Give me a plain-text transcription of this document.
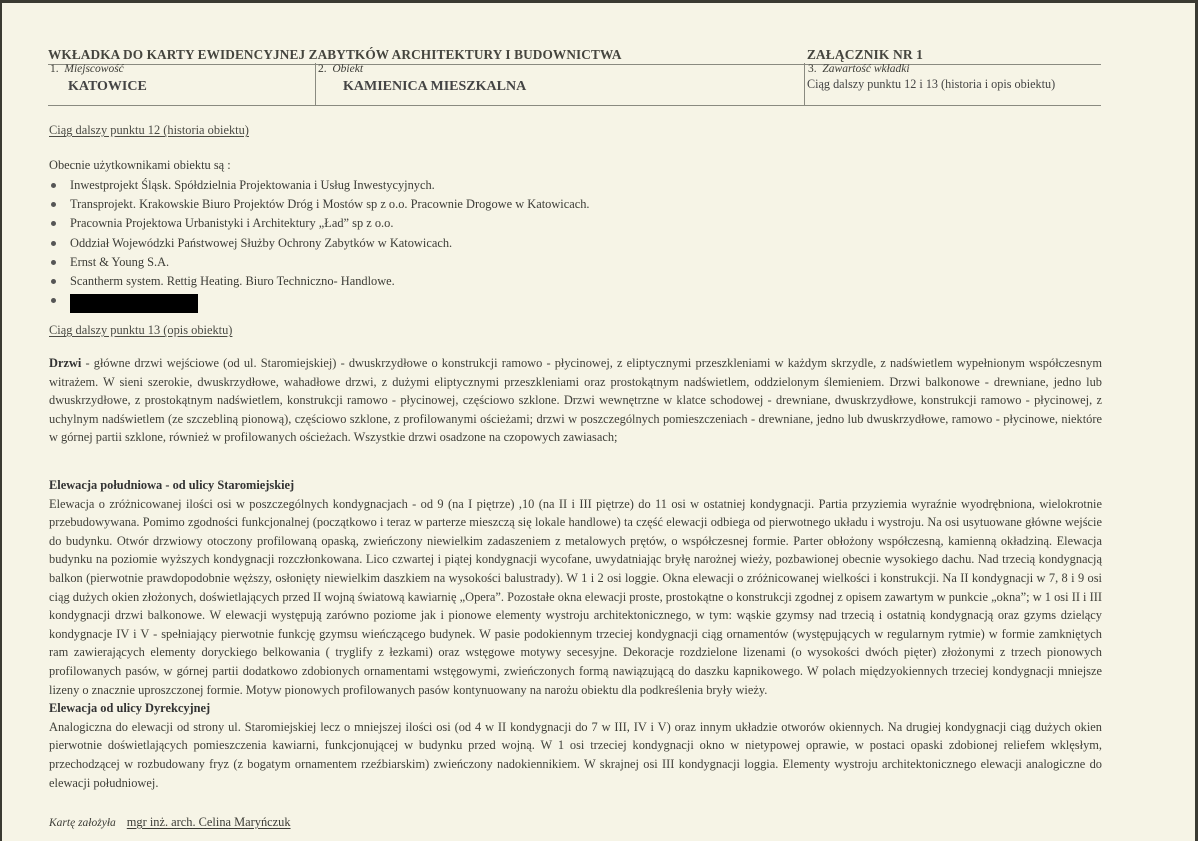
WKŁADKA DO KARTY EWIDENCYJNEJ ZABYTKÓW ARCHITEKTURY I BUDOWNICTWA	ZAŁĄCZNIK NR 1
1. Miejscowość
KATOWICE
2. Obiekt
KAMIENICA MIESZKALNA
3. Zawartość wkładki
Ciąg dalszy punktu 12 i 13 (historia i opis obiektu)
Ciąg dalszy punktu 12 (historia obiektu)
Obecnie użytkownikami obiektu są :
Inwestprojekt Śląsk. Spółdzielnia Projektowania i Usług Inwestycyjnych.
Transprojekt. Krakowskie Biuro Projektów Dróg i Mostów sp z o.o. Pracownie Drogowe w Katowicach.
Pracownia Projektowa Urbanistyki i Architektury „Ład” sp z o.o.
Oddział Wojewódzki Państwowej Służby Ochrony Zabytków w Katowicach.
Ernst & Young S.A.
Scantherm system. Rettig Heating. Biuro Techniczno- Handlowe.
Ciąg dalszy punktu 13 (opis obiektu)

Drzwi - główne drzwi wejściowe (od ul. Staromiejskiej) - dwuskrzydłowe o konstrukcji ramowo - płycinowej, z eliptycznymi przeszkleniami w każdym skrzydle, z nadświetlem wypełnionym współczesnym witrażem. W sieni szerokie, dwuskrzydłowe, wahadłowe drzwi, z dużymi eliptycznymi przeszkleniami oraz prostokątnym nadświetlem, oddzielonym ślemieniem. Drzwi balkonowe - drewniane, jedno lub dwuskrzydłowe, z prostokątnym nadświetlem, konstrukcji ramowo - płycinowej, częściowo szklone. Drzwi wewnętrzne w klatce schodowej - drewniane, dwuskrzydłowe, konstrukcji ramowo - płycinowej, z uchylnym nadświetlem (ze szczebliną pionową), częściowo szklone, z profilowanymi ościeżami; drzwi w poszczególnych pomieszczeniach - drewniane, jedno lub dwuskrzydłowe, ramowo - płycinowe, niektóre w górnej partii szklone, również w profilowanych ościeżach. Wszystkie drzwi osadzone na czopowych zawiasach;

Elewacja południowa - od ulicy Staromiejskiej

Elewacja o zróżnicowanej ilości osi w poszczególnych kondygnacjach - od 9 (na I piętrze) ,10 (na II i III piętrze) do 11 osi w ostatniej kondygnacji. Partia przyziemia wyraźnie wyodrębniona, wielokrotnie przebudowywana. Pomimo zgodności funkcjonalnej (początkowo i teraz w parterze mieszczą się lokale handlowe) ta część elewacji odbiega od pierwotnego układu i wystroju. Na osi usytuowane główne wejście do budynku. Otwór drzwiowy otoczony profilowaną opaską, zwieńczony niewielkim zadaszeniem z metalowych prętów, o współczesnej formie. Parter obłożony współczesną, kamienną okładziną. Elewacja budynku na poziomie wyższych kondygnacji rozczłonkowana. Lico czwartej i piątej kondygnacji wycofane, uwydatniając bryłę narożnej wieży, pozbawionej obecnie wysokiego dachu. Nad trzecią kondygnacją balkon (pierwotnie prawdopodobnie węższy, osłonięty niewielkim daszkiem na wysokości balustrady). W 1 i 2 osi loggie. Okna elewacji o zróżnicowanej wielkości i konstrukcji. Na II kondygnacji w 7, 8 i 9 osi ciąg dużych okien złożonych, doświetlających przed II wojną światową kawiarnię „Opera”. Pozostałe okna elewacji proste, prostokątne o konstrukcji zgodnej z opisem zawartym w punkcie „okna”; w 1 osi II i III kondygnacji drzwi balkonowe. W elewacji występują zarówno poziome jak i pionowe elementy wystroju architektonicznego, w tym: wąskie gzymsy nad trzecią i ostatnią kondygnacją oraz gzyms dzielący kondygnacje IV i V - spełniający pierwotnie funkcję gzymsu wieńczącego budynek. W pasie podokiennym trzeciej kondygnacji ciąg ornamentów (występujących w regularnym rytmie) w formie zamkniętych ram zawierających elementy doryckiego belkowania ( tryglify z łezkami) oraz wstęgowe motywy secesyjne. Dekoracje rozdzielone lizenami (o wysokości dwóch pięter) złożonymi z trzech pionowych profilowanych pasów, w górnej partii dodatkowo zdobionych ornamentami wstęgowymi, zwieńczonych formą nawiązującą do daszku kapnikowego. W polach międzyokiennych trzeciej kondygnacji mniejsze lizeny o znacznie uproszczonej formie. Motyw pionowych profilowanych pasów kontynuowany na narożu obiektu dla podkreślenia bryły wieży.

Elewacja od ulicy Dyrekcyjnej

Analogiczna do elewacji od strony ul. Staromiejskiej lecz o mniejszej ilości osi (od 4 w II kondygnacji do 7 w III, IV i V) oraz innym układzie otworów okiennych. Na drugiej kondygnacji ciąg dużych okien pierwotnie doświetlających pomieszczenia kawiarni, funkcjonującej w budynku przed wojną. W 1 osi trzeciej kondygnacji okno w nietypowej oprawie, w postaci opaski zdobionej reliefem wklęsłym, przechodzącej w rozbudowany fryz (z bogatym ornamentem rzeźbiarskim) zwieńczony nadokiennikiem. W skrajnej osi III kondygnacji loggia. Elementy wystroju architektonicznego elewacji analogiczne do elewacji południowej.

Kartę założyła mgr inż. arch. Celina Maryńczuk
